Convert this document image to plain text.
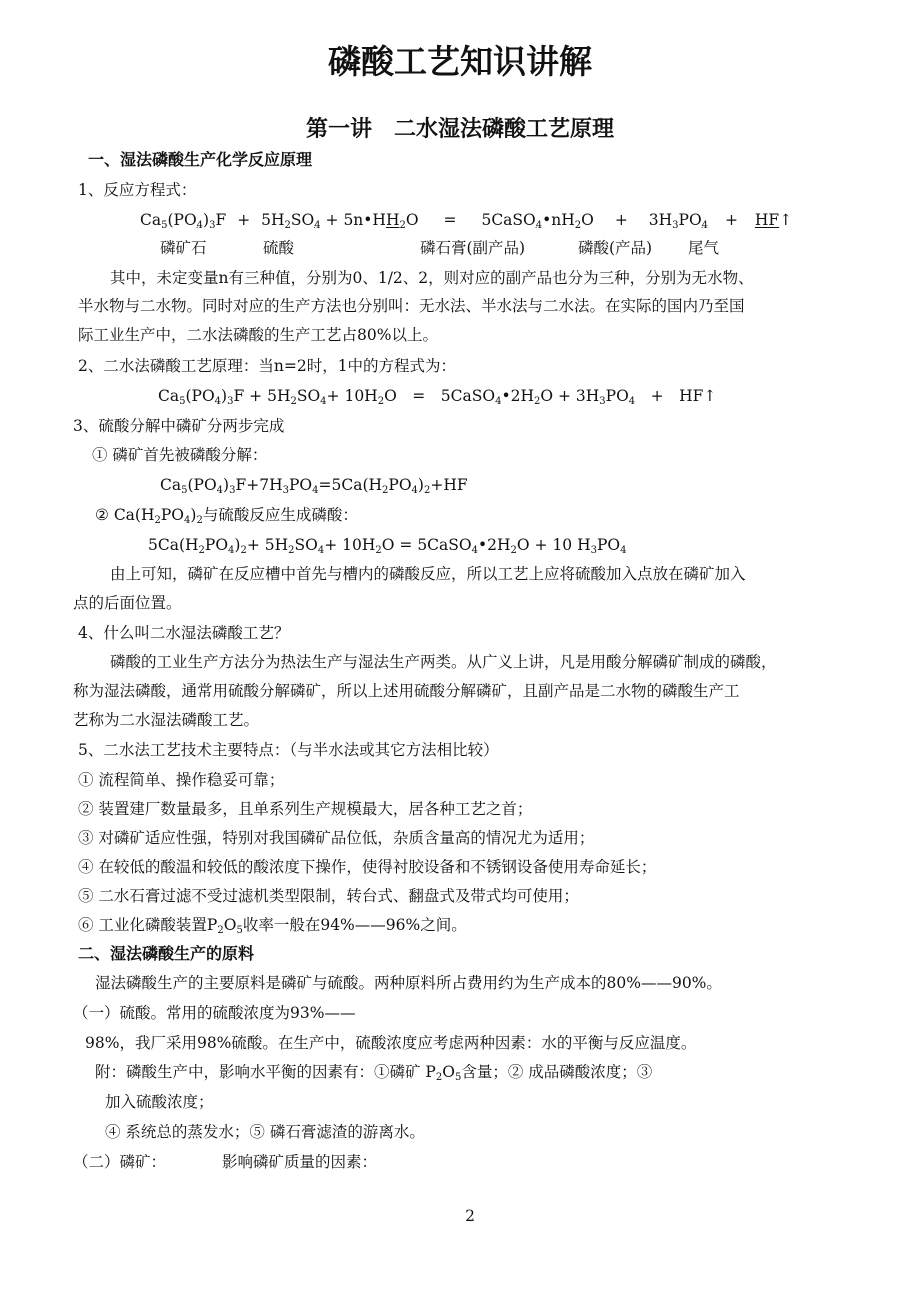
磷酸工艺知识讲解
第一讲　二水湿法磷酸工艺原理
一、湿法磷酸生产化学反应原理
1、反应方程式：
$Ca_5(PO_4)_3F + 5H_2SO_4$ + $5n•HH_2O$ = $5CaSO_4•nH_2O + 3H_3PO_4$ + HF↑
磷矿石	硫酸	磷石膏(副产品)	磷酸(产品) 尾气
其中，未定变量n有三种值，分别为0、1/2、2，则对应的副产品也分为三种，分别为无水物、
半水物与二水物。同时对应的生产方法也分别叫：无水法、半水法与二水法。在实际的国内乃至国
际工业生产中，二水法磷酸的生产工艺占80%以上。
2、二水法磷酸工艺原理：当n=2时，1中的方程式为：
$Ca_5(PO_4)_3F + 5H_2SO_4+ 10H_2O$　=　$5CaSO_4•2H_2O + 3H_3PO_4$　+　HF↑
3、硫酸分解中磷矿分两步完成
① 磷矿首先被磷酸分解：
$Ca_5(PO_4)_3F+7H_3PO_4=5Ca(H_2PO_4)_2+HF$
② $Ca(H_2PO_4)_2$与硫酸反应生成磷酸：
$5Ca(H_2PO_4)_2+ 5H_2SO_4+ 10H_2O$ = $5CaSO_4•2H_2O + 10$ $H_3PO_4$
由上可知，磷矿在反应槽中首先与槽内的磷酸反应，所以工艺上应将硫酸加入点放在磷矿加入
点的后面位置。
4、什么叫二水湿法磷酸工艺？
磷酸的工业生产方法分为热法生产与湿法生产两类。从广义上讲，凡是用酸分解磷矿制成的磷酸，
称为湿法磷酸，通常用硫酸分解磷矿，所以上述用硫酸分解磷矿，且副产品是二水物的磷酸生产工
艺称为二水湿法磷酸工艺。
5、二水法工艺技术主要特点：（与半水法或其它方法相比较）
① 流程简单、操作稳妥可靠；
② 装置建厂数量最多，且单系列生产规模最大，居各种工艺之首；
③ 对磷矿适应性强，特别对我国磷矿品位低，杂质含量高的情况尤为适用；
④ 在较低的酸温和较低的酸浓度下操作，使得衬胶设备和不锈钢设备使用寿命延长；
⑤ 二水石膏过滤不受过滤机类型限制，转台式、翻盘式及带式均可使用；
⑥ 工业化磷酸装置$P_2O_5$收率一般在94%——96%之间。
二、湿法磷酸生产的原料
湿法磷酸生产的主要原料是磷矿与硫酸。两种原料所占费用约为生产成本的80%——90%。
（一）硫酸。常用的硫酸浓度为93%——
98%，我厂采用98%硫酸。在生产中，硫酸浓度应考虑两种因素：水的平衡与反应温度。
附：磷酸生产中，影响水平衡的因素有：①磷矿 $P_2O_5$含量；② 成品磷酸浓度；③
加入硫酸浓度；
④ 系统总的蒸发水；⑤ 磷石膏滤渣的游离水。
（二）磷矿：	影响磷矿质量的因素：
2
